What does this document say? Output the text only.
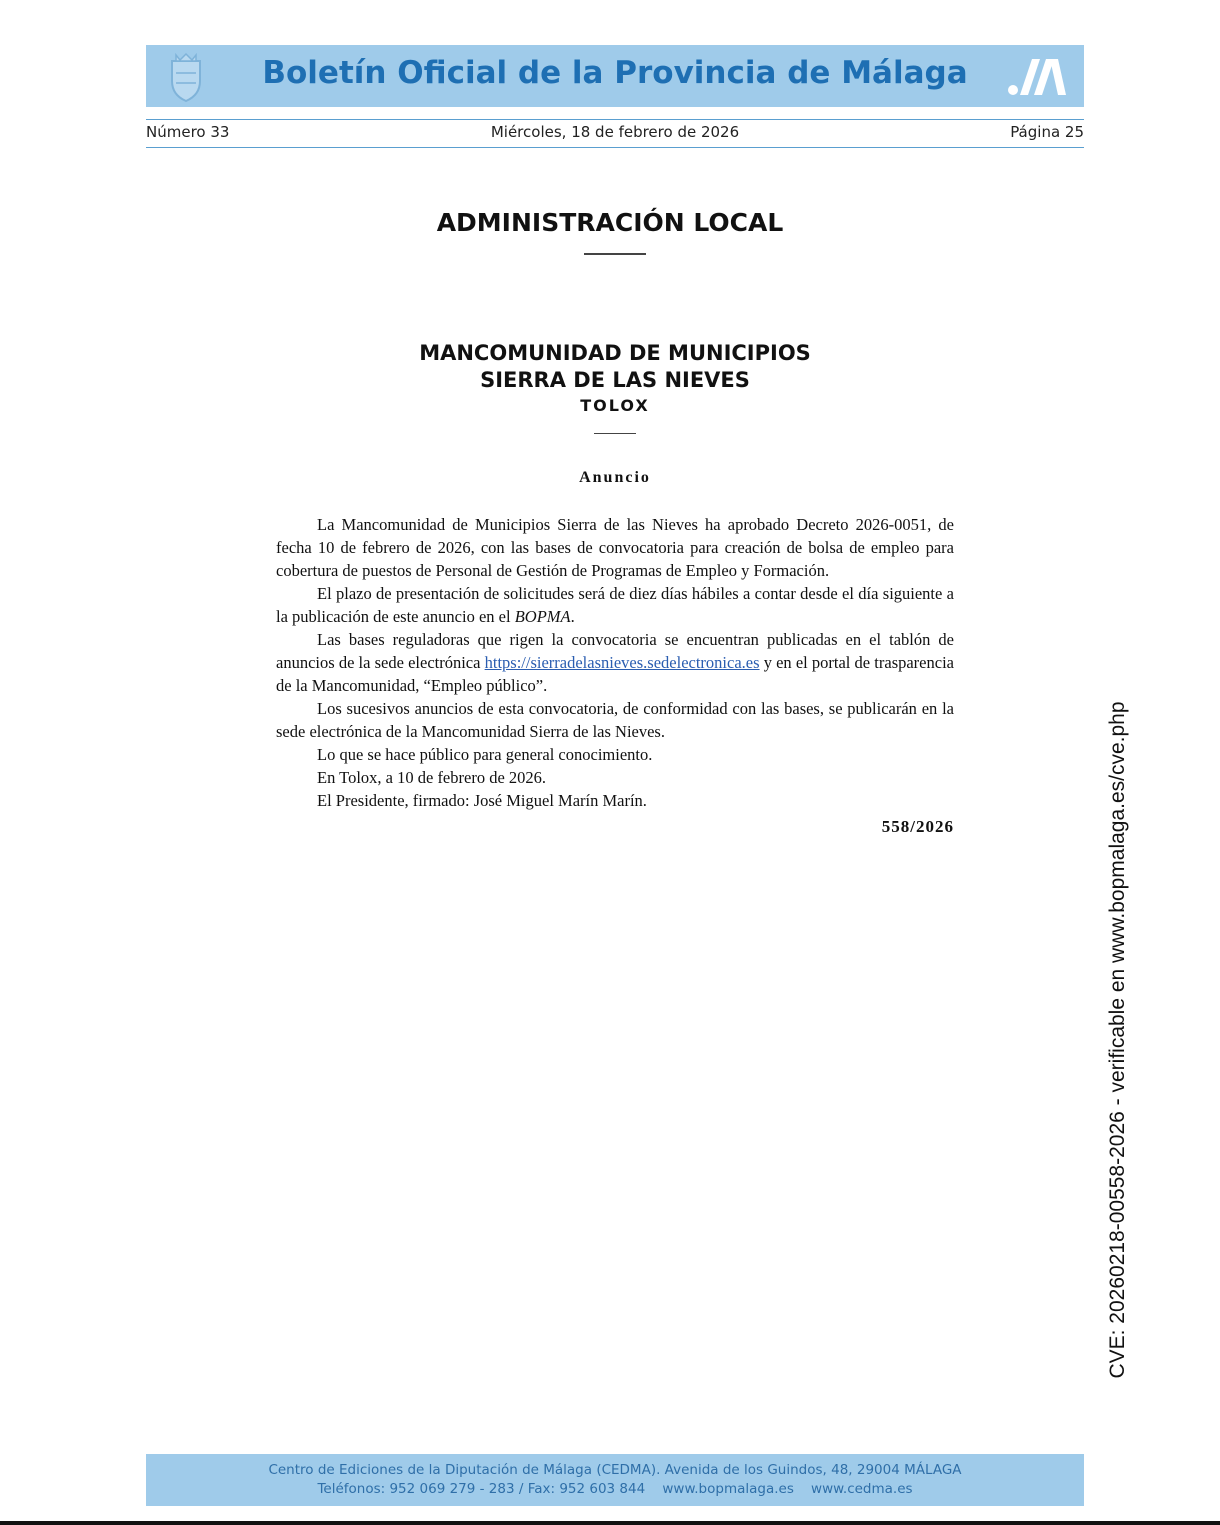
Boletín Oficial de la Provincia de Málaga
Número 33	Miércoles, 18 de febrero de 2026	Página 25
ADMINISTRACIÓN LOCAL
MANCOMUNIDAD DE MUNICIPIOS
SIERRA DE LAS NIEVES
TOLOX
Anuncio

La Mancomunidad de Municipios Sierra de las Nieves ha aprobado Decreto 2026-0051, de fecha 10 de febrero de 2026, con las bases de convocatoria para creación de bolsa de empleo para cobertura de puestos de Personal de Gestión de Programas de Empleo y Formación.

El plazo de presentación de solicitudes será de diez días hábiles a contar desde el día siguiente a la publicación de este anuncio en el BOPMA.

Las bases reguladoras que rigen la convocatoria se encuentran publicadas en el tablón de anuncios de la sede electrónica https://sierradelasnieves.sedelectronica.es y en el portal de trasparencia de la Mancomunidad, “Empleo público”.

Los sucesivos anuncios de esta convocatoria, de conformidad con las bases, se publicarán en la sede electrónica de la Mancomunidad Sierra de las Nieves.

Lo que se hace público para general conocimiento.

En Tolox, a 10 de febrero de 2026.

El Presidente, firmado: José Miguel Marín Marín.

558/2026	CVE: 20260218-00558-2026 - verificable en www.bopmalaga.es/cve.php
Centro de Ediciones de la Diputación de Málaga (CEDMA). Avenida de los Guindos, 48, 29004 MÁLAGA
Teléfonos: 952 069 279 - 283 / Fax: 952 603 844    www.bopmalaga.es    www.cedma.es
